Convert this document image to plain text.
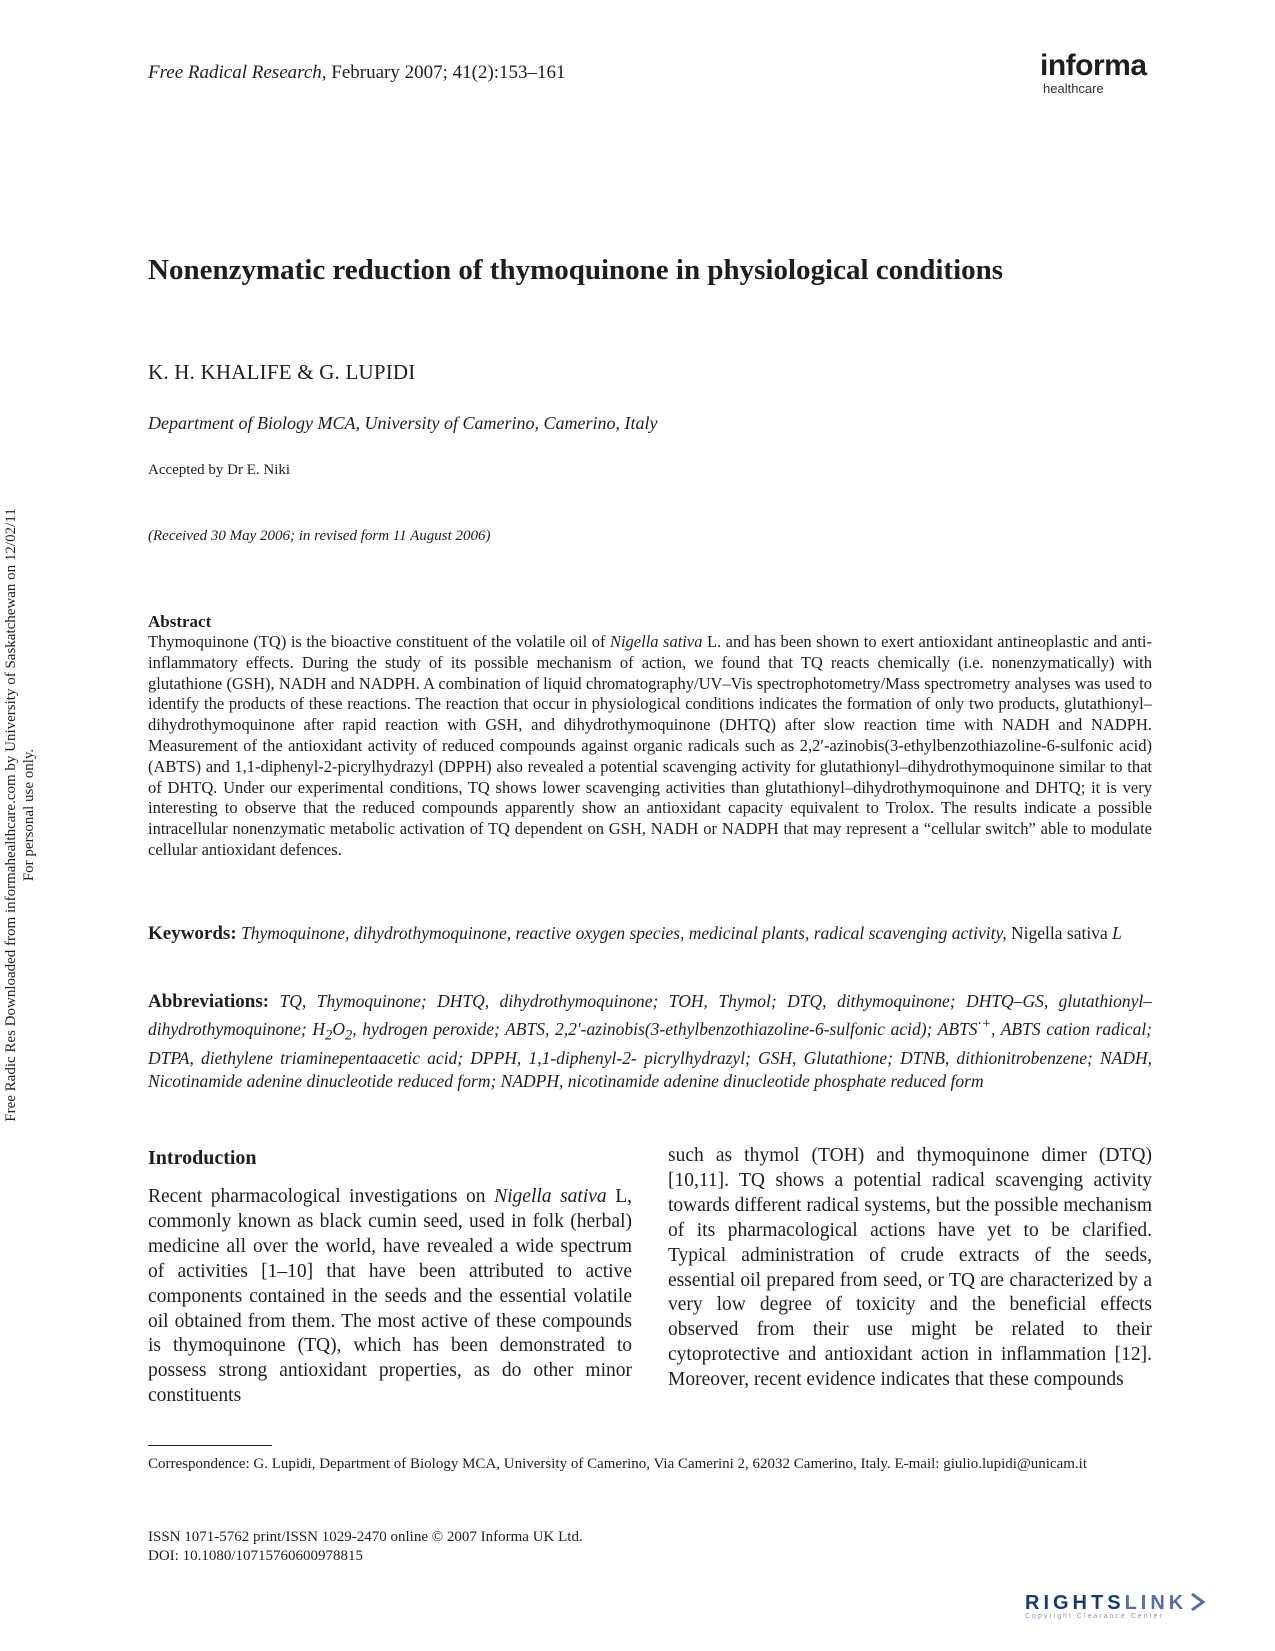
Free Radical Research, February 2007; 41(2):153–161	informa
healthcare
Nonenzymatic reduction of thymoquinone in physiological conditions
K. H. KHALIFE & G. LUPIDI
Department of Biology MCA, University of Camerino, Camerino, Italy
Accepted by Dr E. Niki
(Received 30 May 2006; in revised form 11 August 2006)
Abstract

Thymoquinone (TQ) is the bioactive constituent of the volatile oil of Nigella sativa L. and has been shown to exert antioxidant antineoplastic and anti-inflammatory effects. During the study of its possible mechanism of action, we found that TQ reacts chemically (i.e. nonenzymatically) with glutathione (GSH), NADH and NADPH. A combination of liquid chromatography/UV–Vis spectrophotometry/Mass spectrometry analyses was used to identify the products of these reactions. The reaction that occur in physiological conditions indicates the formation of only two products, glutathionyl–dihydrothymoquinone after rapid reaction with GSH, and dihydrothymoquinone (DHTQ) after slow reaction time with NADH and NADPH. Measurement of the antioxidant activity of reduced compounds against organic radicals such as 2,2′-azinobis(3-ethylbenzothiazoline-6-sulfonic acid)(ABTS) and 1,1-diphenyl-2-picrylhydrazyl (DPPH) also revealed a potential scavenging activity for glutathionyl–dihydrothymoquinone similar to that of DHTQ. Under our experimental conditions, TQ shows lower scavenging activities than glutathionyl–dihydrothymoquinone and DHTQ; it is very interesting to observe that the reduced compounds apparently show an antioxidant capacity equivalent to Trolox. The results indicate a possible intracellular nonenzymatic metabolic activation of TQ dependent on GSH, NADH or NADPH that may represent a “cellular switch” able to modulate cellular antioxidant defences.

Keywords: Thymoquinone, dihydrothymoquinone, reactive oxygen species, medicinal plants, radical scavenging activity, Nigella sativa L
Abbreviations: TQ, Thymoquinone; DHTQ, dihydrothymoquinone; TOH, Thymol; DTQ, dithymoquinone; DHTQ–GS, glutathionyl–dihydrothymoquinone; $H_2O_2$, hydrogen peroxide; ABTS, 2,2′-azinobis(3-ethylbenzothiazoline-6-sulfonic acid); ABTS·+, ABTS cation radical; DTPA, diethylene triaminepentaacetic acid; DPPH, 1,1-diphenyl-2- picrylhydrazyl; GSH, Glutathione; DTNB, dithionitrobenzene; NADH, Nicotinamide adenine dinucleotide reduced form; NADPH, nicotinamide adenine dinucleotide phosphate reduced form
Introduction

Recent pharmacological investigations on Nigella sativa L, commonly known as black cumin seed, used in folk (herbal) medicine all over the world, have revealed a wide spectrum of activities [1–10] that have been attributed to active components contained in the seeds and the essential volatile oil obtained from them. The most active of these compounds is thymoquinone (TQ), which has been demonstrated to possess strong antioxidant properties, as do other minor constituents

such as thymol (TOH) and thymoquinone dimer (DTQ) [10,11]. TQ shows a potential radical scavenging activity towards different radical systems, but the possible mechanism of its pharmacological actions have yet to be clarified. Typical administration of crude extracts of the seeds, essential oil prepared from seed, or TQ are characterized by a very low degree of toxicity and the beneficial effects observed from their use might be related to their cytoprotective and antioxidant action in inflammation [12]. Moreover, recent evidence indicates that these compounds

Correspondence: G. Lupidi, Department of Biology MCA, University of Camerino, Via Camerini 2, 62032 Camerino, Italy. E-mail: giulio.lupidi@unicam.it
ISSN 1071-5762 print/ISSN 1029-2470 online © 2007 Informa UK Ltd.
DOI: 10.1080/10715760600978815
Free Radic Res Downloaded from informahealthcare.com by University of Saskatchewan on 12/02/11 For personal use only.
RIGHTSLINK
Copyright Clearance Center
